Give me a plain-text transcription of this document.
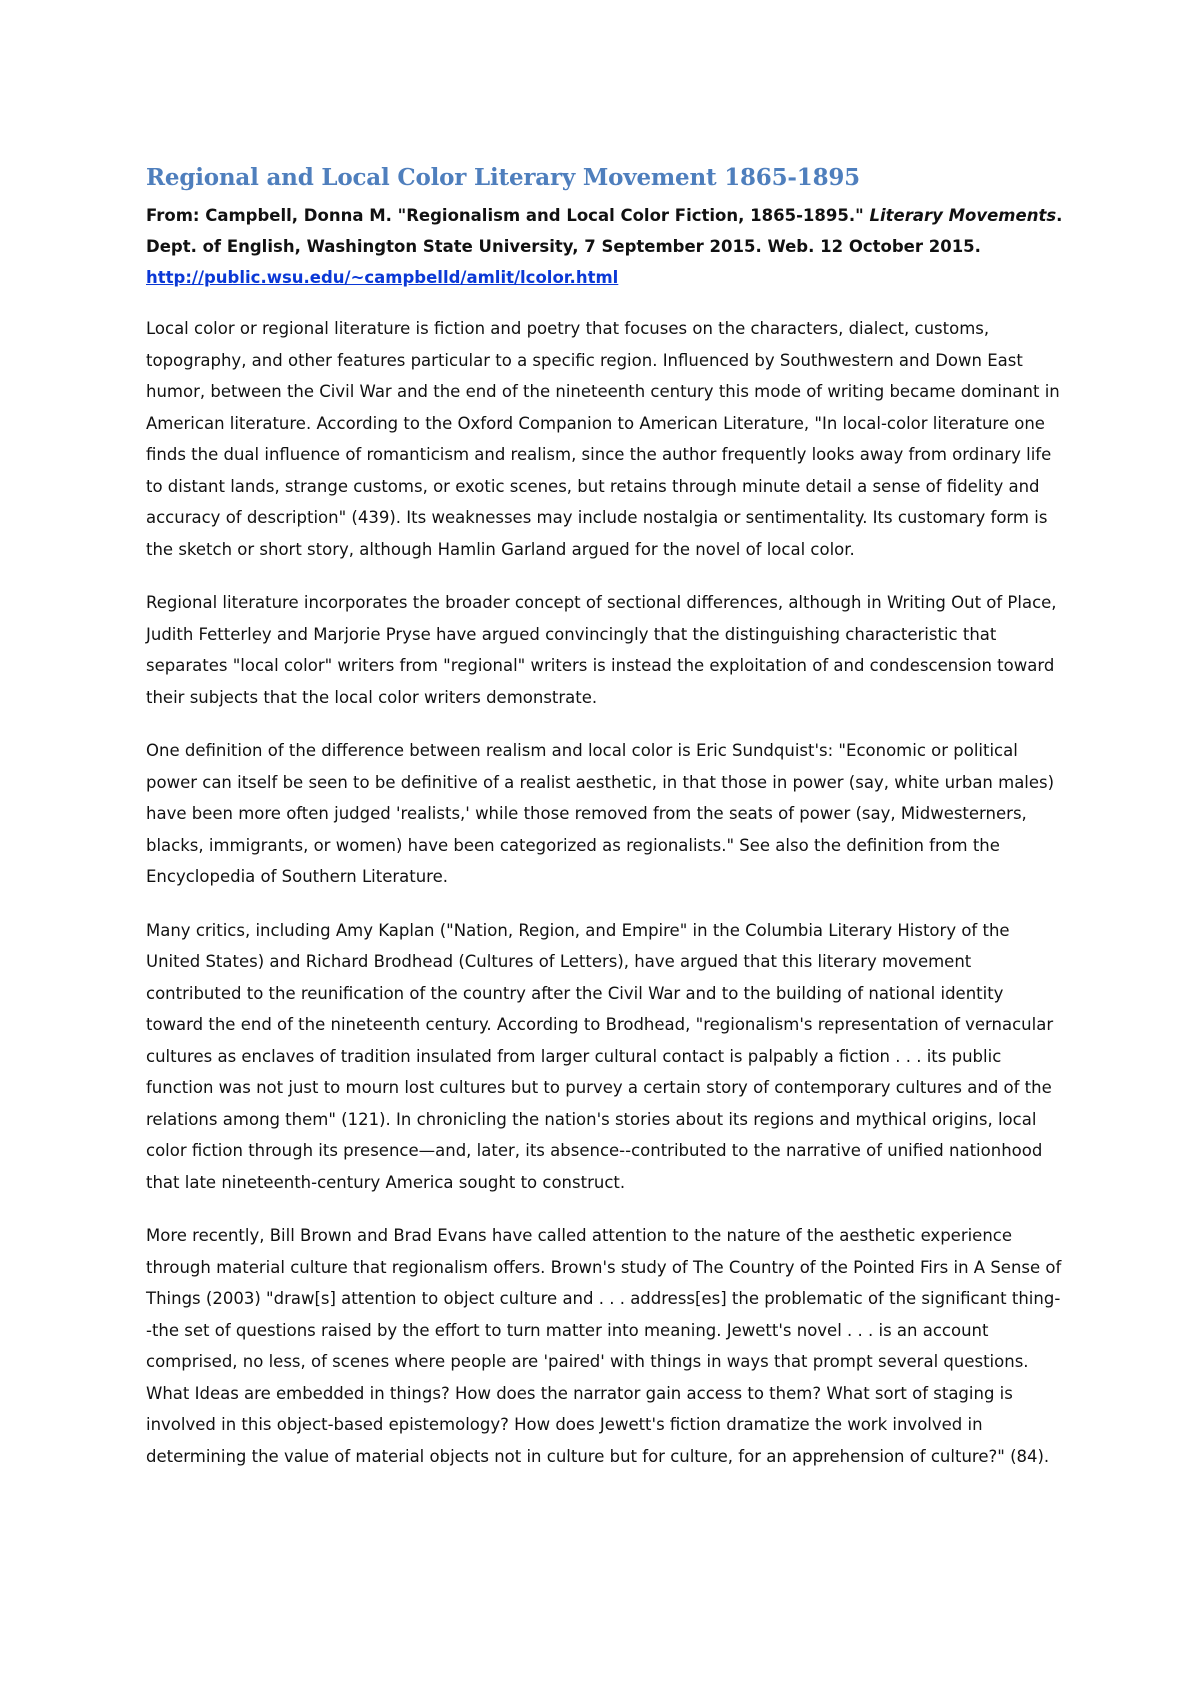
Regional and Local Color Literary Movement 1865-1895

From: Campbell, Donna M. "Regionalism and Local Color Fiction, 1865-1895." Literary Movements. Dept. of English, Washington State University, 7 September 2015. Web. 12 October 2015.
http://public.wsu.edu/~campbelld/amlit/lcolor.html

Local color or regional literature is fiction and poetry that focuses on the characters, dialect, customs, topography, and other features particular to a specific region. Influenced by Southwestern and Down East humor, between the Civil War and the end of the nineteenth century this mode of writing became dominant in American literature. According to the Oxford Companion to American Literature, "In local-color literature one finds the dual influence of romanticism and realism, since the author frequently looks away from ordinary life to distant lands, strange customs, or exotic scenes, but retains through minute detail a sense of fidelity and accuracy of description" (439). Its weaknesses may include nostalgia or sentimentality. Its customary form is the sketch or short story, although Hamlin Garland argued for the novel of local color.

Regional literature incorporates the broader concept of sectional differences, although in Writing Out of Place, Judith Fetterley and Marjorie Pryse have argued convincingly that the distinguishing characteristic that separates "local color" writers from "regional" writers is instead the exploitation of and condescension toward their subjects that the local color writers demonstrate.

One definition of the difference between realism and local color is Eric Sundquist's: "Economic or political power can itself be seen to be definitive of a realist aesthetic, in that those in power (say, white urban males) have been more often judged 'realists,' while those removed from the seats of power (say, Midwesterners, blacks, immigrants, or women) have been categorized as regionalists." See also the definition from the Encyclopedia of Southern Literature.

Many critics, including Amy Kaplan ("Nation, Region, and Empire" in the Columbia Literary History of the United States) and Richard Brodhead (Cultures of Letters), have argued that this literary movement contributed to the reunification of the country after the Civil War and to the building of national identity toward the end of the nineteenth century. According to Brodhead, "regionalism's representation of vernacular cultures as enclaves of tradition insulated from larger cultural contact is palpably a fiction . . . its public function was not just to mourn lost cultures but to purvey a certain story of contemporary cultures and of the relations among them" (121). In chronicling the nation's stories about its regions and mythical origins, local color fiction through its presence—and, later, its absence--contributed to the narrative of unified nationhood that late nineteenth-century America sought to construct.

More recently, Bill Brown and Brad Evans have called attention to the nature of the aesthetic experience through material culture that regionalism offers. Brown's study of The Country of the Pointed Firs in A Sense of Things (2003) "draw[s] attention to object culture and . . . address[es] the problematic of the significant thing--the set of questions raised by the effort to turn matter into meaning. Jewett's novel . . . is an account comprised, no less, of scenes where people are 'paired' with things in ways that prompt several questions. What Ideas are embedded in things? How does the narrator gain access to them? What sort of staging is involved in this object-based epistemology? How does Jewett's fiction dramatize the work involved in determining the value of material objects not in culture but for culture, for an apprehension of culture?" (84).
